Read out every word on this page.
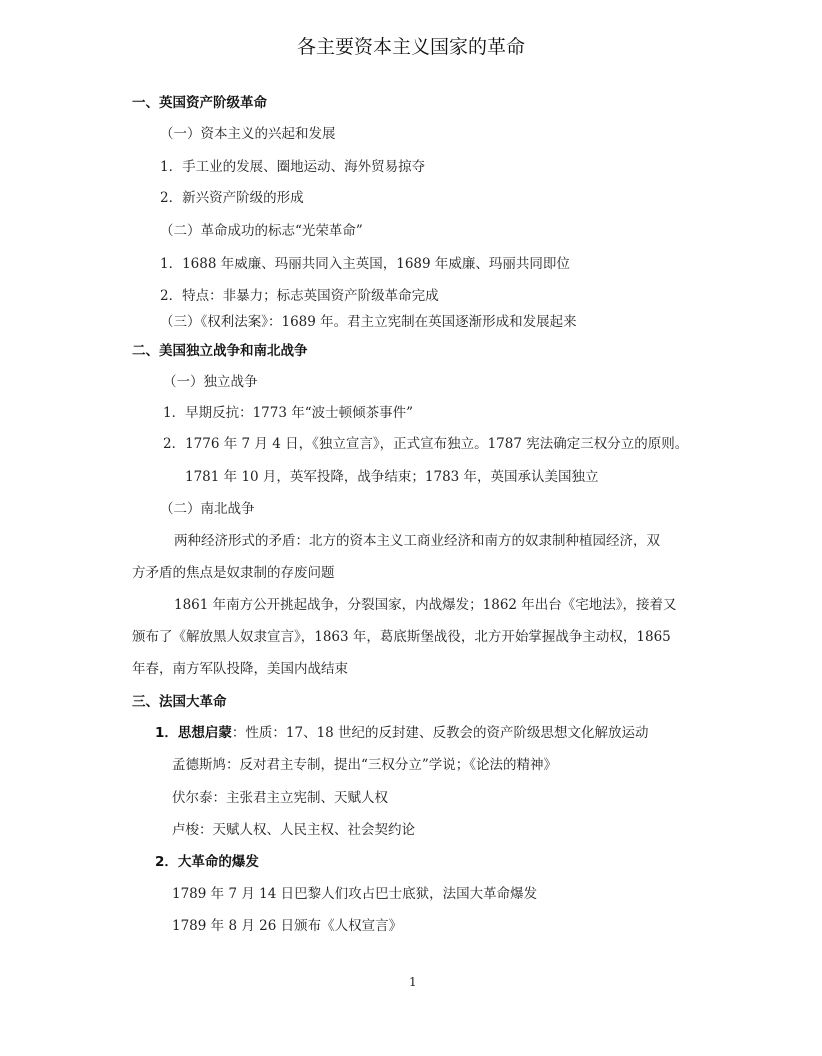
各主要资本主义国家的革命
一、英国资产阶级革命
（一）资本主义的兴起和发展
1．手工业的发展、圈地运动、海外贸易掠夺
2．新兴资产阶级的形成
（二）革命成功的标志“光荣革命”
1．1688 年威廉、玛丽共同入主英国，1689 年威廉、玛丽共同即位
2．特点：非暴力；标志英国资产阶级革命完成
（三）《权利法案》：1689 年。君主立宪制在英国逐渐形成和发展起来
二、美国独立战争和南北战争
（一）独立战争
1．早期反抗：1773 年“波士顿倾茶事件”
2．1776 年 7 月 4 日，《独立宣言》，正式宣布独立。1787 宪法确定三权分立的原则。
1781 年 10 月，英军投降，战争结束；1783 年，英国承认美国独立
（二）南北战争
两种经济形式的矛盾：北方的资本主义工商业经济和南方的奴隶制种植园经济，双
方矛盾的焦点是奴隶制的存废问题
1861 年南方公开挑起战争，分裂国家，内战爆发；1862 年出台《宅地法》，接着又
颁布了《解放黑人奴隶宣言》，1863 年，葛底斯堡战役，北方开始掌握战争主动权，1865
年春，南方军队投降，美国内战结束
三、法国大革命
1．思想启蒙：性质：17、18 世纪的反封建、反教会的资产阶级思想文化解放运动
孟德斯鸠：反对君主专制，提出“三权分立”学说；《论法的精神》
伏尔泰：主张君主立宪制、天赋人权
卢梭：天赋人权、人民主权、社会契约论
2．大革命的爆发
1789 年 7 月 14 日巴黎人们攻占巴士底狱，法国大革命爆发
1789 年 8 月 26 日颁布《人权宣言》
1
